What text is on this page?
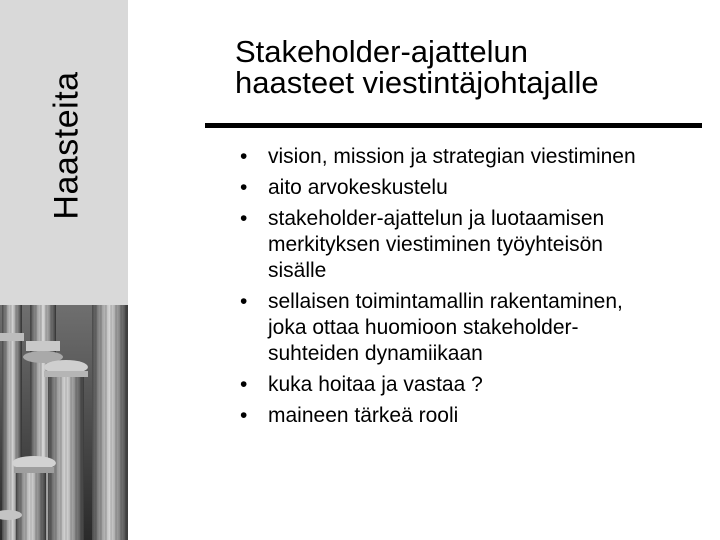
Haasteita
Stakeholder-ajattelun
haasteet viestintäjohtajalle
• vision, mission ja strategian viestiminen
• aito arvokeskustelu
• stakeholder-ajattelun ja luotaamisen
merkityksen viestiminen työyhteisön
sisälle
• sellaisen toimintamallin rakentaminen,
joka ottaa huomioon stakeholder-
suhteiden dynamiikaan
• kuka hoitaa ja vastaa ?
• maineen tärkeä rooli
